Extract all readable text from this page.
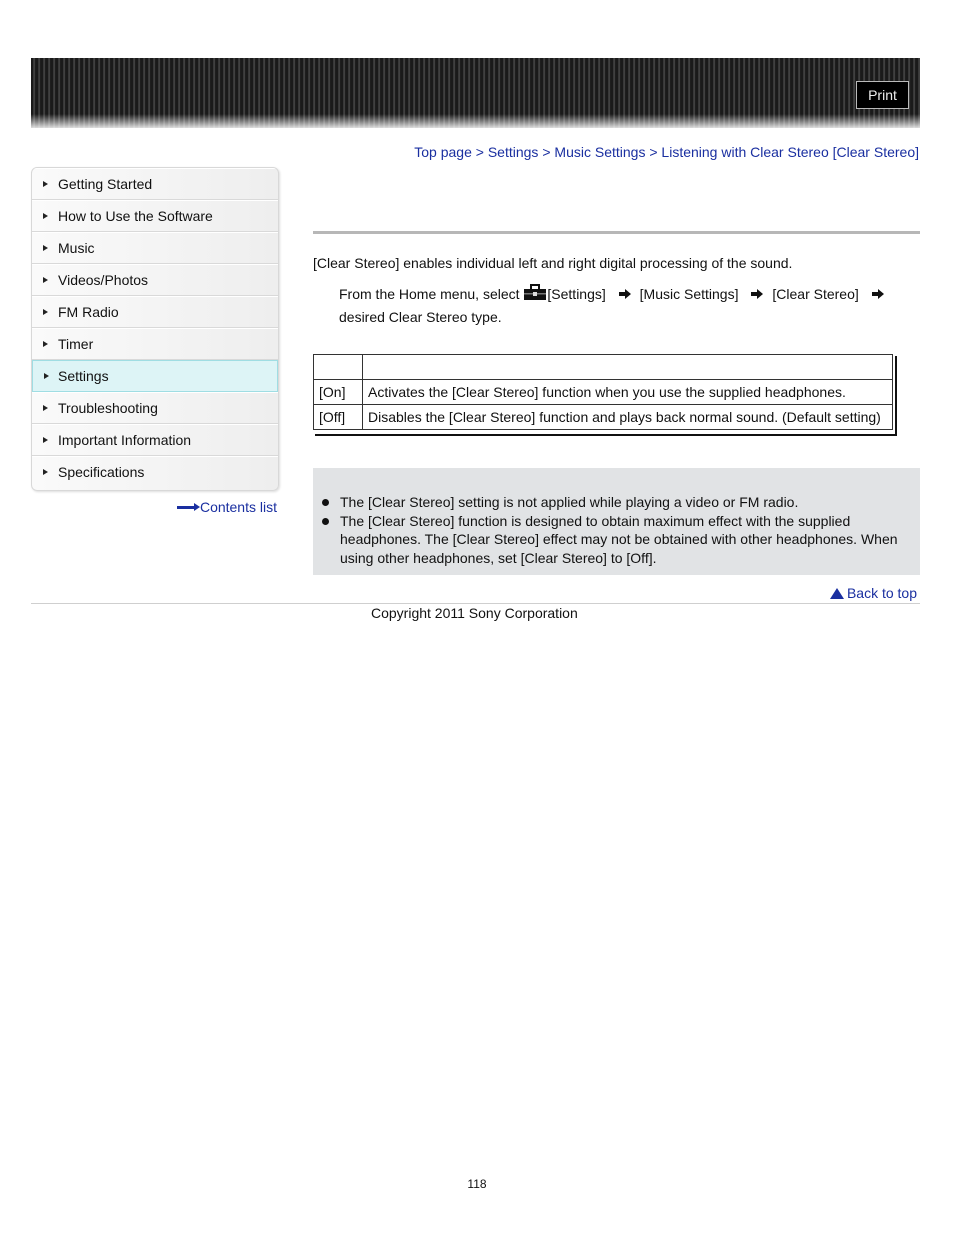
Print
Top page > Settings > Music Settings > Listening with Clear Stereo [Clear Stereo]
Getting Started
How to Use the Software
Music
Videos/Photos
FM Radio
Timer
Settings
Troubleshooting
Important Information
Specifications
Contents list
[Clear Stereo] enables individual left and right digital processing of the sound.
From the Home menu, select [Settings] [Music Settings] [Clear Stereo]
desired Clear Stereo type.

[On]	Activates the [Clear Stereo] function when you use the supplied headphones.
[Off]	Disables the [Clear Stereo] function and plays back normal sound. (Default setting)
The [Clear Stereo] setting is not applied while playing a video or FM radio.
The [Clear Stereo] function is designed to obtain maximum effect with the supplied headphones. The [Clear Stereo] effect may not be obtained with other headphones. When using other headphones, set [Clear Stereo] to [Off].
Back to top
Copyright 2011 Sony Corporation
118
